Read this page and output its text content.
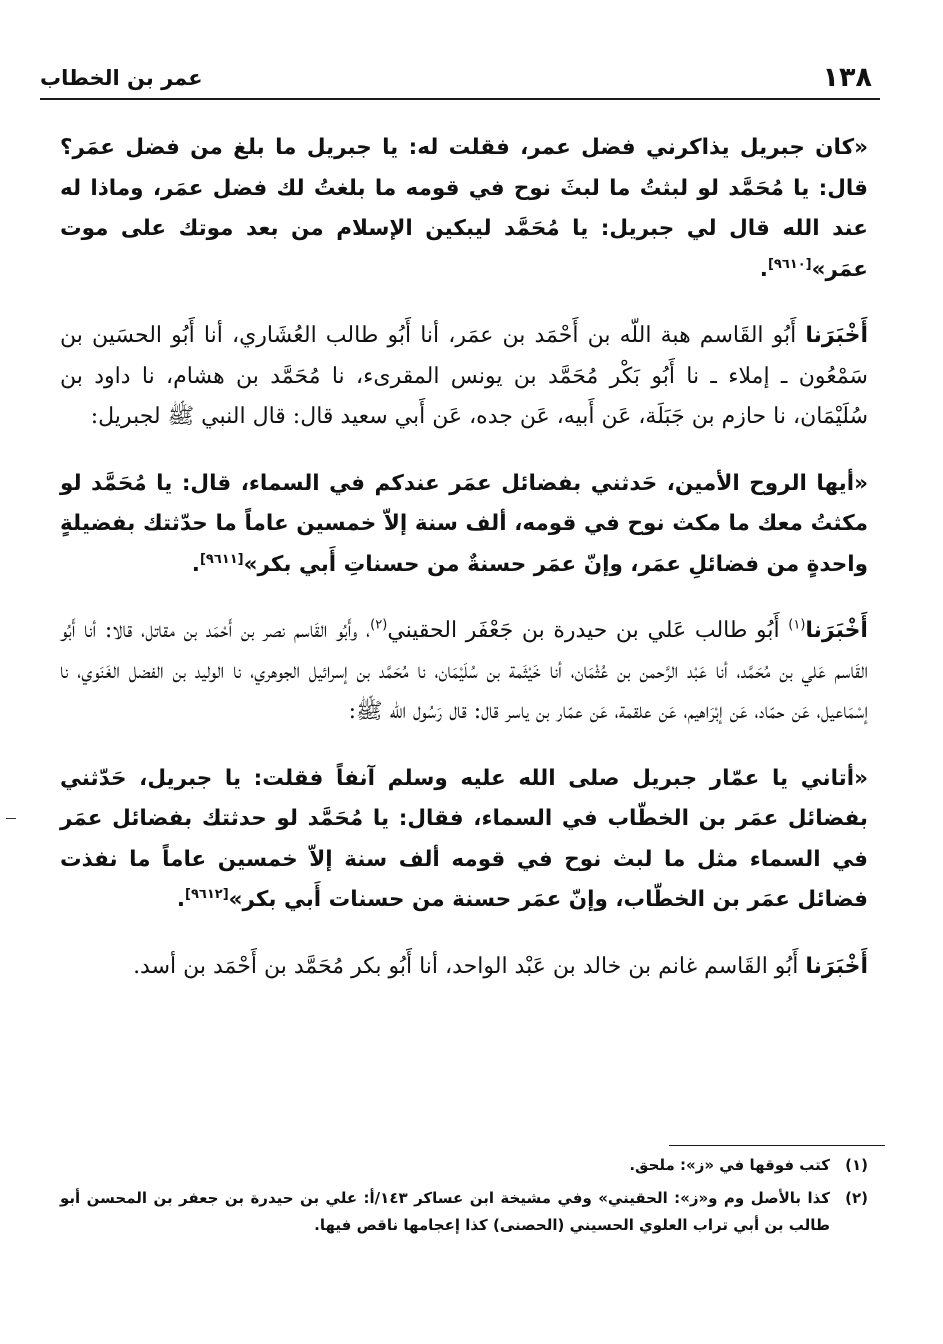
١٣٨
عمر بن الخطاب

«كان جبريل يذاكرني فضل عمر، فقلت له: يا جبريل ما بلغ من فضل عمَر؟ قال: يا مُحَمَّد لو لبثتُ ما لبثَ نوح في قومه ما بلغتُ لك فضل عمَر، وماذا له عند الله قال لي جبريل: يا مُحَمَّد ليبكين الإسلام من بعد موتك على موت عمَر»[٩٦١٠].

أَخْبَرَنا أَبُو القَاسم هبة اللّه بن أَحْمَد بن عمَر، أنا أَبُو طالب العُشَاري، أنا أَبُو الحسَين بن سَمْعُون ـ إملاء ـ نا أَبُو بَكْر مُحَمَّد بن يونس المقرىء، نا مُحَمَّد بن هشام، نا داود بن سُلَيْمَان، نا حازم بن جَبَلَة، عَن أَبيه، عَن جده، عَن أَبي سعيد قال: قال النبي ﷺ لجبريل:

«أيها الروح الأمين، حَدثني بفضائل عمَر عندكم في السماء، قال: يا مُحَمَّد لو مكثتُ معك ما مكث نوح في قومه، ألف سنة إلاّ خمسين عاماً ما حدّثتك بفضيلةٍ واحدةٍ من فضائلِ عمَر، وإنّ عمَر حسنةٌ من حسناتِ أَبي بكر»[٩٦١١].

أَخْبَرَنا$^{(١)}$ أَبُو طالب عَلي بن حيدرة بن جَعْفَر الحقيني$^{(٢)}$، وأَبُو القَاسم نصر بن أَحْمَد بن مقاتل، قالا: أنا أَبُو القَاسم عَلي بن مُحَمَّد، أنا عَبْد الرَّحمن بن عُثْمَان، أنا خَيْثَمة بن سُلَيْمَان، نا مُحَمَّد بن إسرائيل الجوهري، نا الوليد بن الفضل الغَنَوي، نا إسْمَاعيل، عَن حمّاد، عَن إبْرَاهيم، عَن علقمة، عَن عمّار بن ياسر قال: قال رَسُول اللّه ﷺ:

«أتاني يا عمّار جبريل صلى الله عليه وسلم آنفاً فقلت: يا جبريل، حَدّثني بفضائل عمَر بن الخطّاب في السماء، فقال: يا مُحَمَّد لو حدثتك بفضائل عمَر في السماء مثل ما لبث نوح في قومه ألف سنة إلاّ خمسين عاماً ما نفذت فضائل عمَر بن الخطّاب، وإنّ عمَر حسنة من حسنات أَبي بكر»[٩٦١٢].

أَخْبَرَنا أَبُو القَاسم غانم بن خالد بن عَبْد الواحد، أنا أَبُو بكر مُحَمَّد بن أَحْمَد بن أسد.

(١)
كتب فوقها في «ز»: ملحق.
(٢)
كذا بالأصل وم و«ز»: الحقيني» وفي مشيخة ابن عساكر ١٤٣/أ: علي بن حيدرة بن جعفر بن المحسن أبو طالب بن أبي تراب العلوي الحسيني (الحصنى) كذا إعجامها ناقص فيها.
